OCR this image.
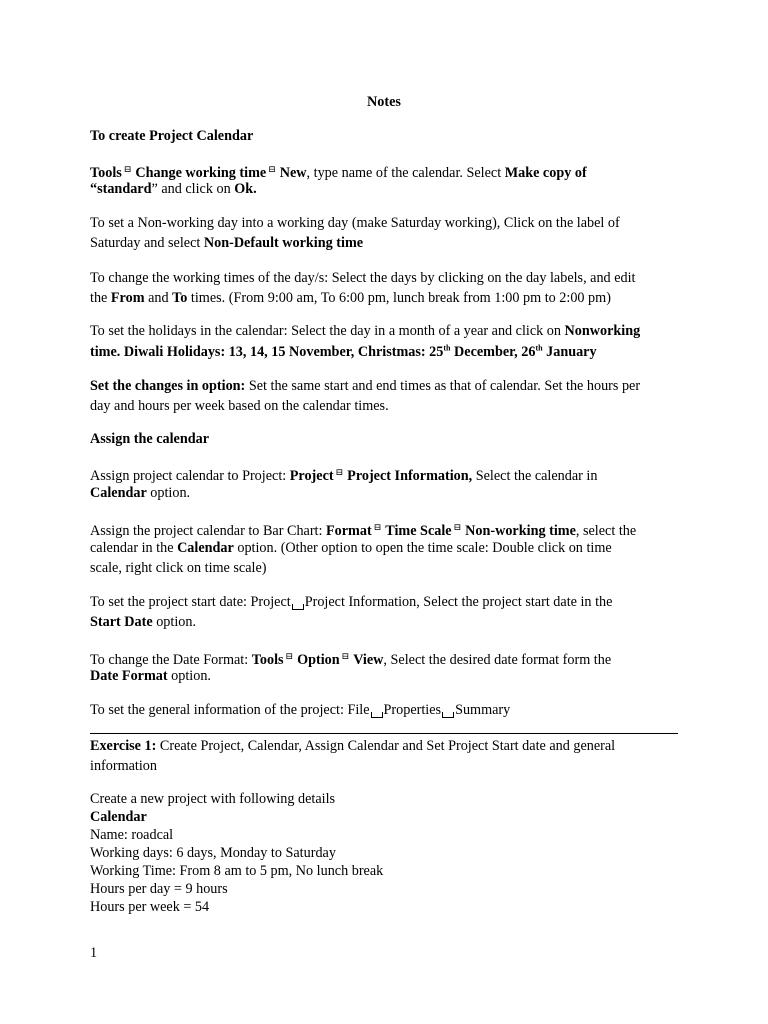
Notes
To create Project Calendar
Tools ⊟ Change working time ⊟ New, type name of the calendar. Select Make copy of
“standard” and click on Ok.
To set a Non-working day into a working day (make Saturday working), Click on the label of
Saturday and select Non-Default working time
To change the working times of the day/s: Select the days by clicking on the day labels, and edit
the From and To times. (From 9:00 am, To 6:00 pm, lunch break from 1:00 pm to 2:00 pm)
To set the holidays in the calendar: Select the day in a month of a year and click on Nonworking
time. Diwali Holidays: 13, 14, 15 November, Christmas: 25th December, 26th January
Set the changes in option: Set the same start and end times as that of calendar. Set the hours per
day and hours per week based on the calendar times.
Assign the calendar
Assign project calendar to Project: Project ⊟ Project Information, Select the calendar in
Calendar option.
Assign the project calendar to Bar Chart: Format ⊟ Time Scale ⊟ Non-working time, select the
calendar in the Calendar option. (Other option to open the time scale: Double click on time
scale, right click on time scale)
To set the project start date: Project Project Information, Select the project start date in the
Start Date option.
To change the Date Format: Tools ⊟ Option ⊟ View, Select the desired date format form the
Date Format option.
To set the general information of the project: File Properties Summary
Exercise 1: Create Project, Calendar, Assign Calendar and Set Project Start date and general
information
Create a new project with following details
Calendar
Name: roadcal
Working days: 6 days, Monday to Saturday
Working Time: From 8 am to 5 pm, No lunch break
Hours per day = 9 hours
Hours per week = 54
1
